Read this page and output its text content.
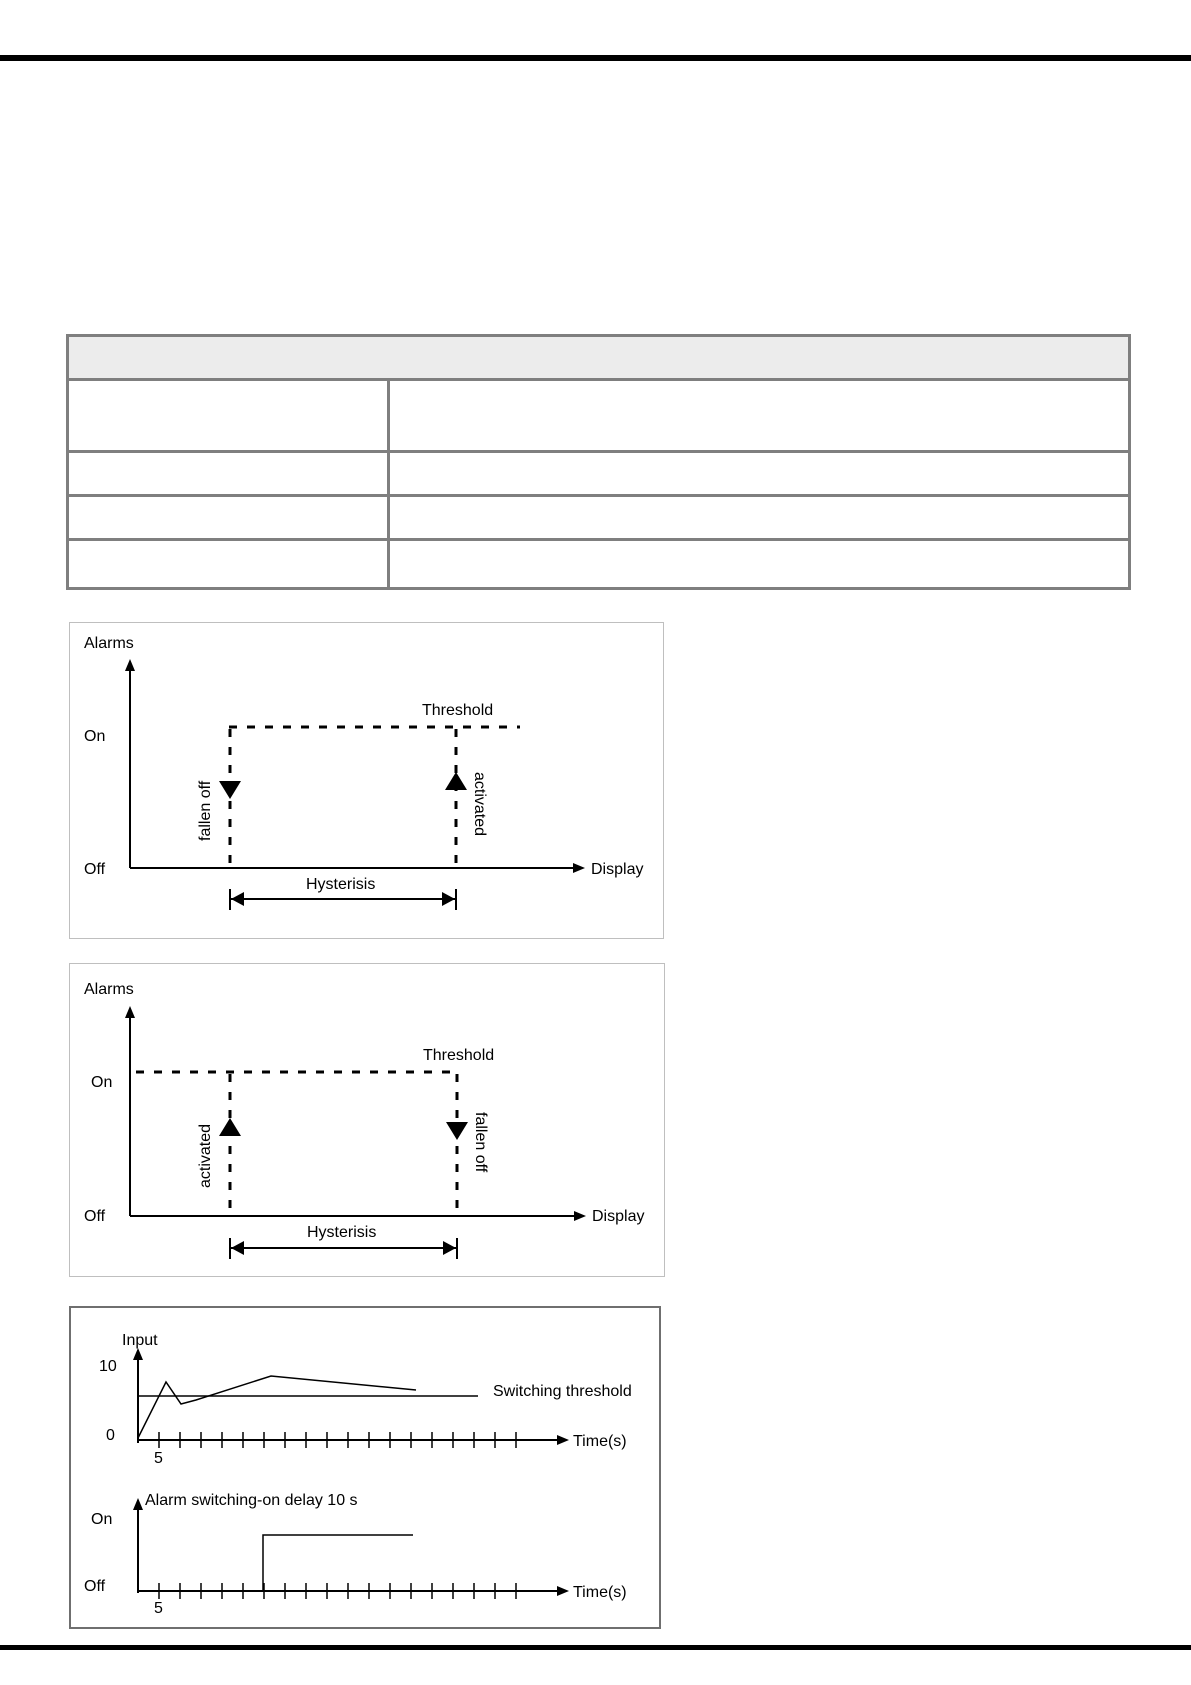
Alarms
On
Off	Display
Threshold
fallen off	activated
Hysterisis
Alarms
On
Off	Display
Threshold
activated	fallen off
Hysterisis
Input
10
0
Switching threshold
Time(s)
5
Alarm switching-on delay 10 s
On
Off	Time(s)
5
